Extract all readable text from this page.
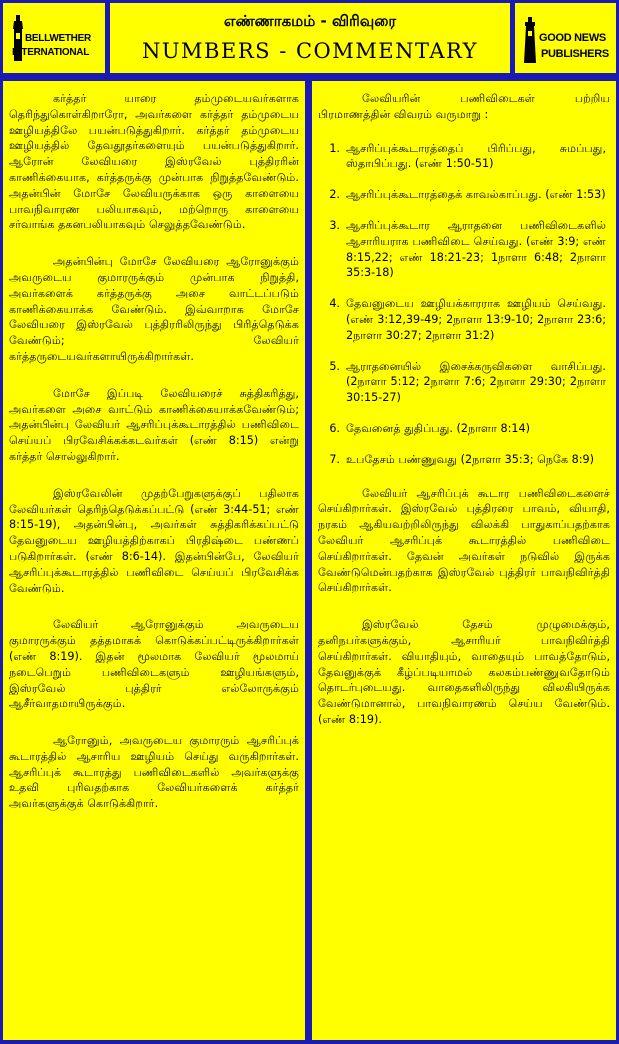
BELLWETHER
INTERNATIONAL
எண்ணாகமம் - விரிவுரை
NUMBERS - COMMENTARY
GOOD NEWS
PUBLISHERS

கர்த்தர் யாரை தம்முடையவர்களாக தெரிந்துகொள்கிறாரோ, அவர்களை கர்த்தர் தம்முடைய ஊழியத்திலே பயன்படுத்துகிறார். கர்த்தர் தம்முடைய ஊழியத்தில் தேவதூதர்களையும் பயன்படுத்துகிறார். ஆரோன் லேவியரை இஸ்ரவேல் புத்திரரின் காணிக்கையாக, கர்த்தருக்கு முன்பாக நிறுத்தவேண்டும். அதன்பின் மோசே லேவியருக்காக ஒரு காளையை பாவநிவாரண பலியாகவும், மற்றொரு காளையை சர்வாங்க தகனபலியாகவும் செலுத்தவேண்டும்.

அதன்பின்பு மோசே லேவியரை ஆரோனுக்கும் அவருடைய குமாரருக்கும் முன்பாக நிறுத்தி, அவர்களைக் கர்த்தருக்கு அசை வாட்டப்படும் காணிக்கையாக்க வேண்டும். இவ்வாறாக மோசே லேவியரை இஸ்ரவேல் புத்திரரிலிருந்து பிரித்தெடுக்க வேண்டும்; லேவியர் கர்த்தருடையவர்களாயிருக்கிறார்கள்.

மோசே இப்படி லேவியரைச் சுத்திகரித்து, அவர்களை அசை வாட்டும் காணிக்கையாக்கவேண்டும்; அதன்பின்பு லேவியர் ஆசரிப்புக்கூடாரத்தில் பணிவிடை செய்யப் பிரவேசிக்கக்கடவர்கள் (எண் 8:15) என்று கர்த்தர் சொல்லுகிறார்.

இஸ்ரவேலின் முதற்பேறுகளுக்குப் பதிலாக லேவியர்கள் தெரிந்தெடுக்கப்பட்டு (எண் 3:44-51; எண் 8:15-19), அதன்பின்பு, அவர்கள் சுத்திகரிக்கப்பட்டு தேவனுடைய ஊழியத்திற்காகப் பிரதிஷ்டை பண்ணப் படுகிறார்கள். (எண் 8:6-14). இதன்பின்பே, லேவியர் ஆசரிப்புக்கூடாரத்தில் பணிவிடை செய்யப் பிரவேசிக்க வேண்டும்.

லேவியர் ஆரோனுக்கும் அவருடைய குமாரருக்கும் தத்தமாகக் கொடுக்கப்பட்டிருக்கிறார்கள் (எண் 8:19). இதன் மூலமாக லேவியர் மூலமாய் நடைபெறும் பணிவிடைகளும் ஊழியங்களும், இஸ்ரவேல் புத்திரர் எல்லோருக்கும் ஆசீர்வாதமாயிருக்கும்.

ஆரோனும், அவருடைய குமாரரும் ஆசரிப்புக் கூடாரத்தில் ஆசாரிய ஊழியம் செய்து வருகிறார்கள். ஆசரிப்புக் கூடாரத்து பணிவிடைகளில் அவர்களுக்கு உதவி புரிவதற்காக லேவியர்களைக் கர்த்தர் அவர்களுக்குக் கொடுக்கிறார்.

லேவியரின் பணிவிடைகள் பற்றிய பிரமாணத்தின் விவரம் வருமாறு :

1. ஆசரிப்புக்கூடாரத்தைப் பிரிப்பது, சுமப்பது, ஸ்தாபிப்பது. (எண் 1:50-51)
2. ஆசரிப்புக்கூடாரத்தைக் காவல்காப்பது. (எண் 1:53)
3. ஆசரிப்புக்கூடார ஆராதனை பணிவிடைகளில் ஆசாரியராக பணிவிடை செய்வது. (எண் 3:9; எண் 8:15,22; எண் 18:21-23; 1நாளா 6:48; 2நாளா 35:3-18)
4. தேவனுடைய ஊழியக்காரராக ஊழியம் செய்வது. (எண் 3:12,39-49; 2நாளா 13:9-10; 2நாளா 23:6; 2நாளா 30:27; 2நாளா 31:2)
5. ஆராதனையில் இசைக்கருவிகளை வாசிப்பது. (2நாளா 5:12; 2நாளா 7:6; 2நாளா 29:30; 2நாளா 30:15-27)
6. தேவனைத் துதிப்பது. (2நாளா 8:14)
7. உபதேசம் பண்ணுவது (2நாளா 35:3; நெகே 8:9)

லேவியர் ஆசரிப்புக் கூடார பணிவிடைகளைச் செய்கிறார்கள். இஸ்ரவேல் புத்திரரை பாவம், வியாதி, நரகம் ஆகியவற்றிலிருந்து விலக்கி பாதுகாப்பதற்காக லேவியர் ஆசரிப்புக் கூடாரத்தில் பணிவிடை செய்கிறார்கள். தேவன் அவர்கள் நடுவில் இருக்க வேண்டுமென்பதற்காக இஸ்ரவேல் புத்திரர் பாவநிவிர்த்தி செய்கிறார்கள்.

இஸ்ரவேல் தேசம் முழுமைக்கும், தனிநபர்களுக்கும், ஆசாரியர் பாவநிவிர்த்தி செய்கிறார்கள். வியாதியும், வாதையும் பாவத்தோடும், தேவனுக்குக் கீழ்ப்படியாமல் கலகம்பண்ணுவதோடும் தொடர்புடையது. வாதைகளிலிருந்து விலகியிருக்க வேண்டுமானால், பாவநிவாரணம் செய்ய வேண்டும். (எண் 8:19).
